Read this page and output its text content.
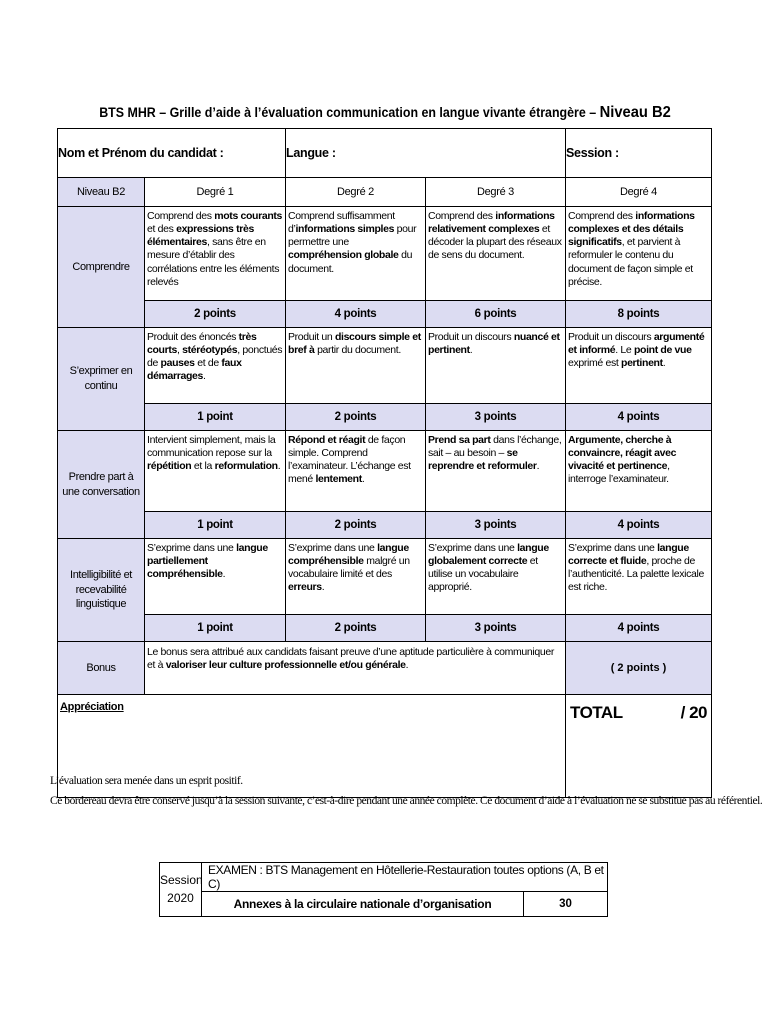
BTS MHR – Grille d’aide à l’évaluation communication en langue vivante étrangère – Niveau B2
Nom et Prénom du candidat :		Langue :		Session :
Niveau B2	Degré 1	Degré 2	Degré 3	Degré 4
Comprendre	Comprend des mots courants et des expressions très élémentaires, sans être en mesure d’établir des corrélations entre les éléments relevés	Comprend suffisamment d’informations simples pour permettre une compréhension globale du document.	Comprend des informations relativement complexes et décoder la plupart des réseaux de sens du document.	Comprend des informations complexes et des détails significatifs, et parvient à reformuler le contenu du document de façon simple et précise.
	2 points	4 points	6 points	8 points
S’exprimer en continu	Produit des énoncés très courts, stéréotypés, ponctués de pauses et de faux démarrages.	Produit un discours simple et bref à partir du document.	Produit un discours nuancé et pertinent.	Produit un discours argumenté et informé. Le point de vue exprimé est pertinent.
	1 point	2 points	3 points	4 points
Prendre part à une conversation	Intervient simplement, mais la communication repose sur la répétition et la reformulation.	Répond et réagit de façon simple. Comprend l’examinateur. L’échange est mené lentement.	Prend sa part dans l’échange, sait – au besoin – se reprendre et reformuler.	Argumente, cherche à convaincre, réagit avec vivacité et pertinence, interroge l’examinateur.
	1 point	2 points	3 points	4 points
Intelligibilité et recevabilité linguistique	S’exprime dans une langue partiellement compréhensible.	S’exprime dans une langue compréhensible malgré un vocabulaire limité et des erreurs.	S’exprime dans une langue globalement correcte et utilise un vocabulaire approprié.	S’exprime dans une langue correcte et fluide, proche de l’authenticité. La palette lexicale est riche.
	1 point	2 points	3 points	4 points
Bonus	Le bonus sera attribué aux candidats faisant preuve d’une aptitude particulière à communiquer et à valoriser leur culture professionnelle et/ou générale.			( 2 points )
Appréciation				TOTAL / 20
L’évaluation sera menée dans un esprit positif.
Ce bordereau devra être conservé jusqu’à la session suivante, c’est-à-dire pendant une année complète. Ce document d’aide à l’évaluation ne se substitue pas au référentiel.
Session
2020	EXAMEN : BTS Management en Hôtellerie-Restauration toutes options (A, B et C)	
	Annexes à la circulaire nationale d’organisation	30
